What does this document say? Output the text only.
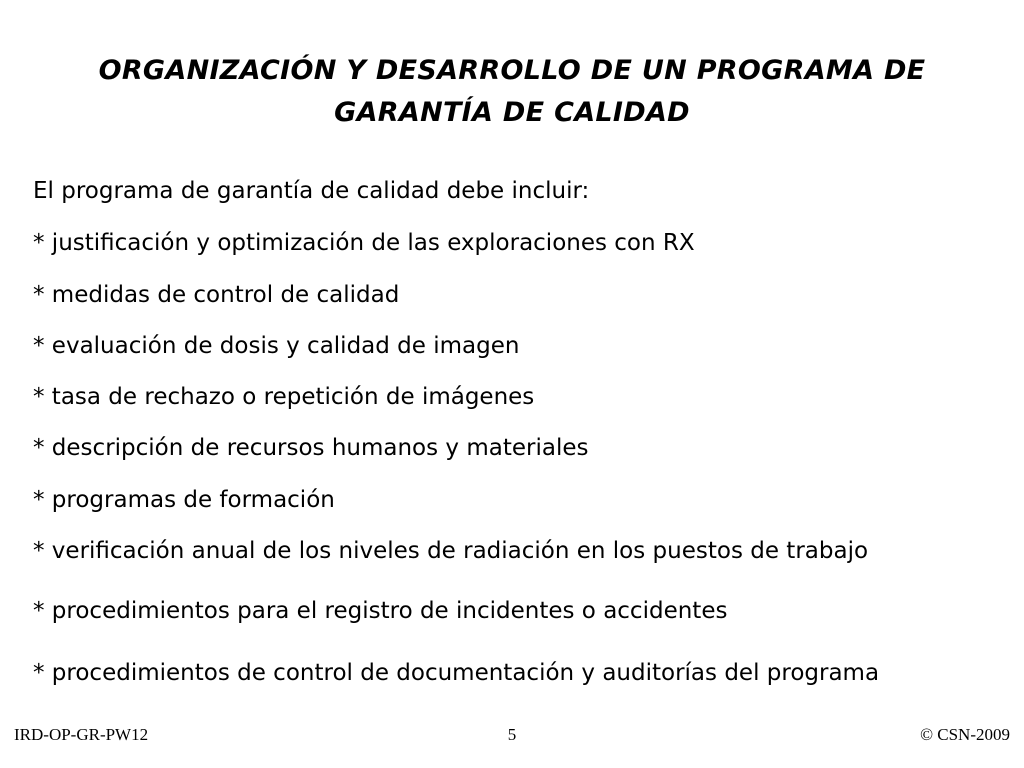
ORGANIZACIÓN Y DESARROLLO DE UN PROGRAMA DE
GARANTÍA DE CALIDAD

El programa de garantía de calidad debe incluir:

* justificación y optimización de las exploraciones con RX

* medidas de control de calidad

* evaluación de dosis y calidad de imagen

* tasa de rechazo o repetición de imágenes

* descripción de recursos humanos y materiales

* programas de formación

* verificación anual de los niveles de radiación en los puestos de trabajo

* procedimientos para el registro de incidentes o accidentes

* procedimientos de control de documentación y auditorías del programa

IRD-OP-GR-PW12	5	© CSN-2009
